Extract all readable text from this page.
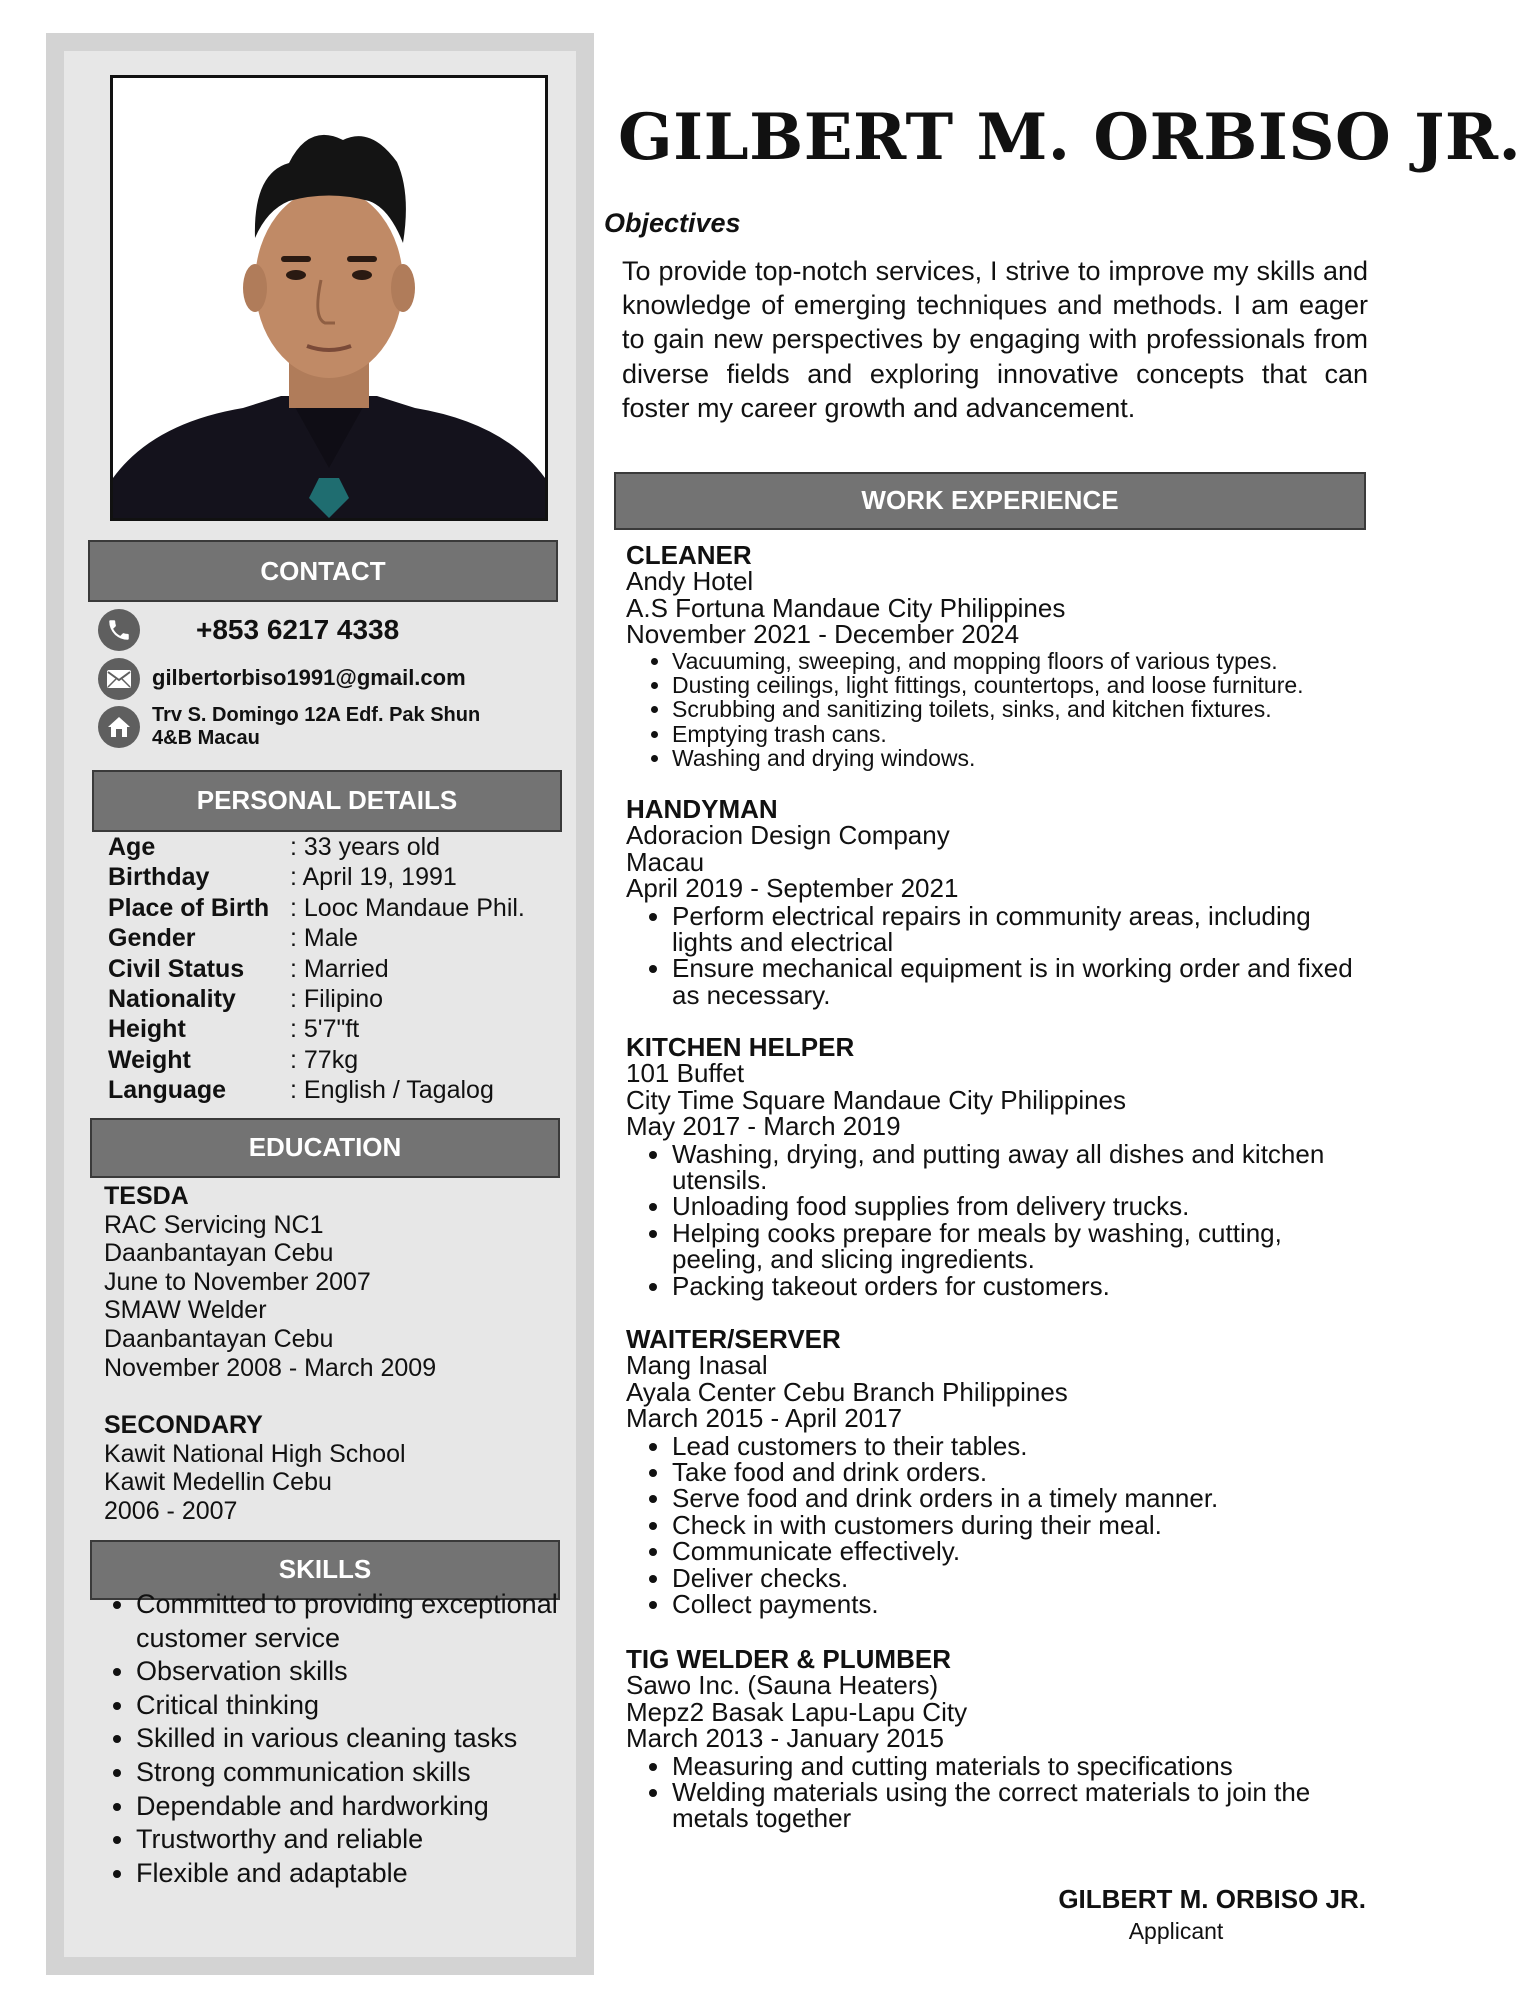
CONTACT
+853 6217 4338
gilbertorbiso1991@gmail.com
Trv S. Domingo 12A Edf. Pak Shun
4&B Macau
PERSONAL DETAILS
Age	: 33 years old
Birthday	: April 19, 1991
Place of Birth : Looc Mandaue Phil.
Gender	: Male
Civil Status	: Married
Nationality	: Filipino
Height	: 5'7"ft
Weight	: 77kg
Language	: English / Tagalog
EDUCATION
TESDA
RAC Servicing NC1
Daanbantayan Cebu
June to November 2007
SMAW Welder
Daanbantayan Cebu
November 2008 - March 2009
SECONDARY
Kawit National High School
Kawit Medellin Cebu
2006 - 2007
SKILLS
• Committed to providing exceptional customer service
• Observation skills
• Critical thinking
• Skilled in various cleaning tasks
• Strong communication skills
• Dependable and hardworking
• Trustworthy and reliable
• Flexible and adaptable
GILBERT M. ORBISO JR.
Objectives
To provide top-notch services, I strive to improve my skills and knowledge of emerging techniques and methods. I am eager to gain new perspectives by engaging with professionals from diverse fields and exploring innovative concepts that can foster my career growth and advancement.
WORK EXPERIENCE
CLEANER
Andy Hotel
A.S Fortuna Mandaue City Philippines
November 2021 - December 2024
• Vacuuming, sweeping, and mopping floors of various types.
• Dusting ceilings, light fittings, countertops, and loose furniture.
• Scrubbing and sanitizing toilets, sinks, and kitchen fixtures.
• Emptying trash cans.
• Washing and drying windows.
HANDYMAN
Adoracion Design Company
Macau
April 2019 - September 2021
• Perform electrical repairs in community areas, including lights and electrical
• Ensure mechanical equipment is in working order and fixed as necessary.
KITCHEN HELPER
101 Buffet
City Time Square Mandaue City Philippines
May 2017 - March 2019
• Washing, drying, and putting away all dishes and kitchen utensils.
• Unloading food supplies from delivery trucks.
• Helping cooks prepare for meals by washing, cutting, peeling, and slicing ingredients.
• Packing takeout orders for customers.
WAITER/SERVER
Mang Inasal
Ayala Center Cebu Branch Philippines
March 2015 - April 2017
• Lead customers to their tables.
• Take food and drink orders.
• Serve food and drink orders in a timely manner.
• Check in with customers during their meal.
• Communicate effectively.
• Deliver checks.
• Collect payments.
TIG WELDER & PLUMBER
Sawo Inc. (Sauna Heaters)
Mepz2 Basak Lapu-Lapu City
March 2013 - January 2015
• Measuring and cutting materials to specifications
• Welding materials using the correct materials to join the metals together
GILBERT M. ORBISO JR.
Applicant
